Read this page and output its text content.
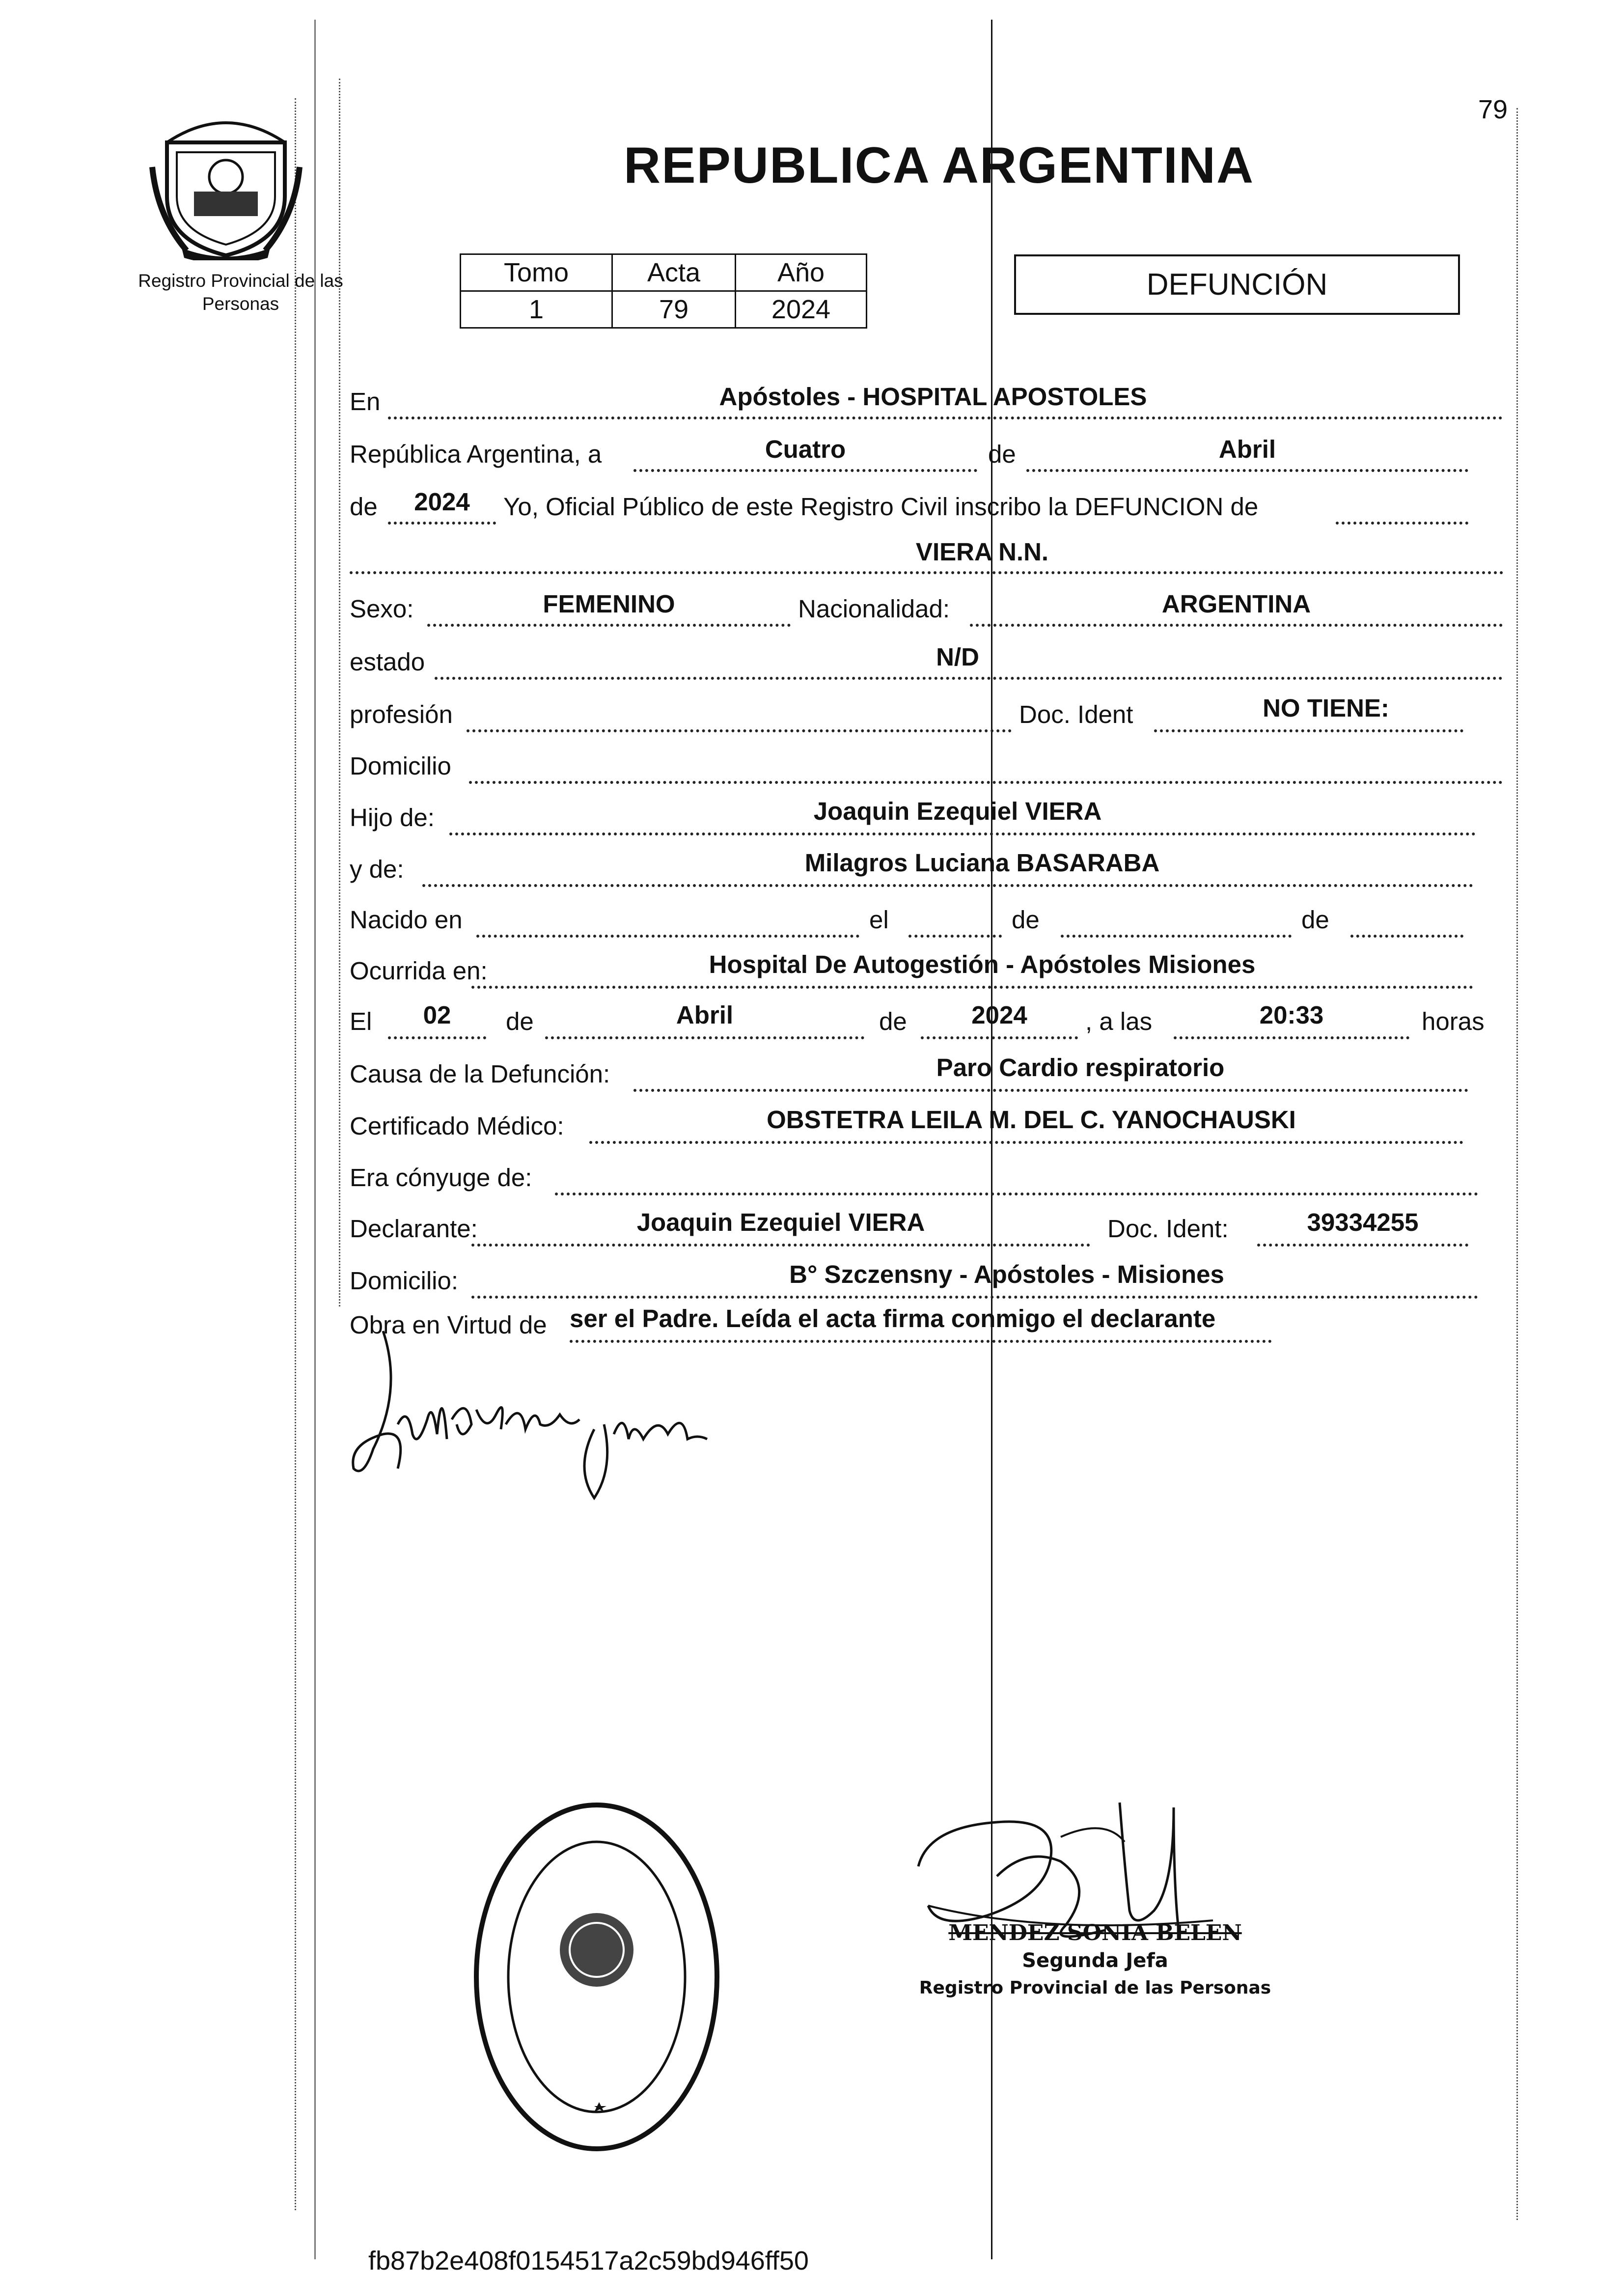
79
Registro Provincial de las Personas
REPUBLICA ARGENTINA
Tomo	Acta	Año
1	79	2024
DEFUNCIÓN
En	Apóstoles - HOSPITAL APOSTOLES
República Argentina, a	Cuatro	de	Abril
de	2024	Yo, Oficial Público de este Registro Civil inscribo la DEFUNCION de
VIERA N.N.
Sexo:	FEMENINO	Nacionalidad:	ARGENTINA
estado	N/D
profesión	Doc. Ident	NO TIENE:
Domicilio
Hijo de:	Joaquin Ezequiel VIERA
y de:	Milagros Luciana BASARABA
Nacido en	el	de	de
Ocurrida en:	Hospital De Autogestión - Apóstoles Misiones
El	02	de	Abril	de	2024	, a las	20:33	horas
Causa de la Defunción:	Paro Cardio respiratorio
Certificado Médico:	OBSTETRA LEILA M. DEL C. YANOCHAUSKI
Era cónyuge de:
Declarante:	Joaquin Ezequiel VIERA	Doc. Ident:	39334255
Domicilio:	B° Szczensny - Apóstoles - Misiones
Obra en Virtud de ser el Padre. Leída el acta firma conmigo el declarante
MENDEZ SONIA BELEN
Segunda Jefa
Registro Provincial de las Personas
fb87b2e408f0154517a2c59bd946ff50
